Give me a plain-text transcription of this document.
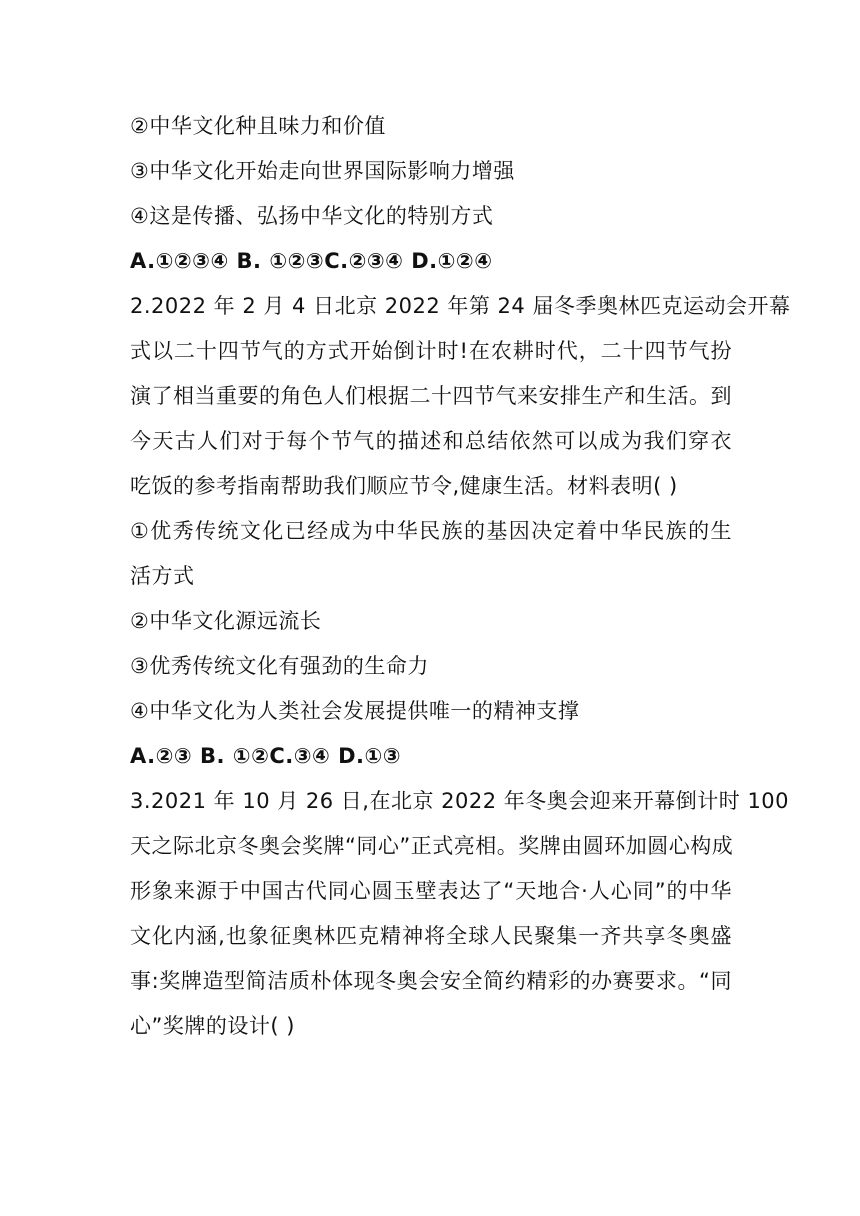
②中华文化种且味力和价值
③中华文化开始走向世界国际影响力增强
④这是传播、弘扬中华文化的特别方式
A.①②③④ B. ①②③C.②③④ D.①②④
2.2022 年 2 月 4 日北京 2022 年第 24 届冬季奥林匹克运动会开幕
式以二十四节气的方式开始倒计时!在农耕时代，二十四节气扮
演了相当重要的角色人们根据二十四节气来安排生产和生活。到
今天古人们对于每个节气的描述和总结依然可以成为我们穿衣
吃饭的参考指南帮助我们顺应节令,健康生活。材料表明( )
①优秀传统文化已经成为中华民族的基因决定着中华民族的生
活方式
②中华文化源远流长
③优秀传统文化有强劲的生命力
④中华文化为人类社会发展提供唯一的精神支撑
A.②③ B. ①②C.③④ D.①③
3.2021 年 10 月 26 日,在北京 2022 年冬奥会迎来开幕倒计时 100
天之际北京冬奥会奖牌“同心”正式亮相。奖牌由圆环加圆心构成
形象来源于中国古代同心圆玉壁表达了“天地合·人心同”的中华
文化内涵,也象征奥林匹克精神将全球人民聚集一齐共享冬奥盛
事:奖牌造型简洁质朴体现冬奥会安全简约精彩的办赛要求。“同
心”奖牌的设计( )
